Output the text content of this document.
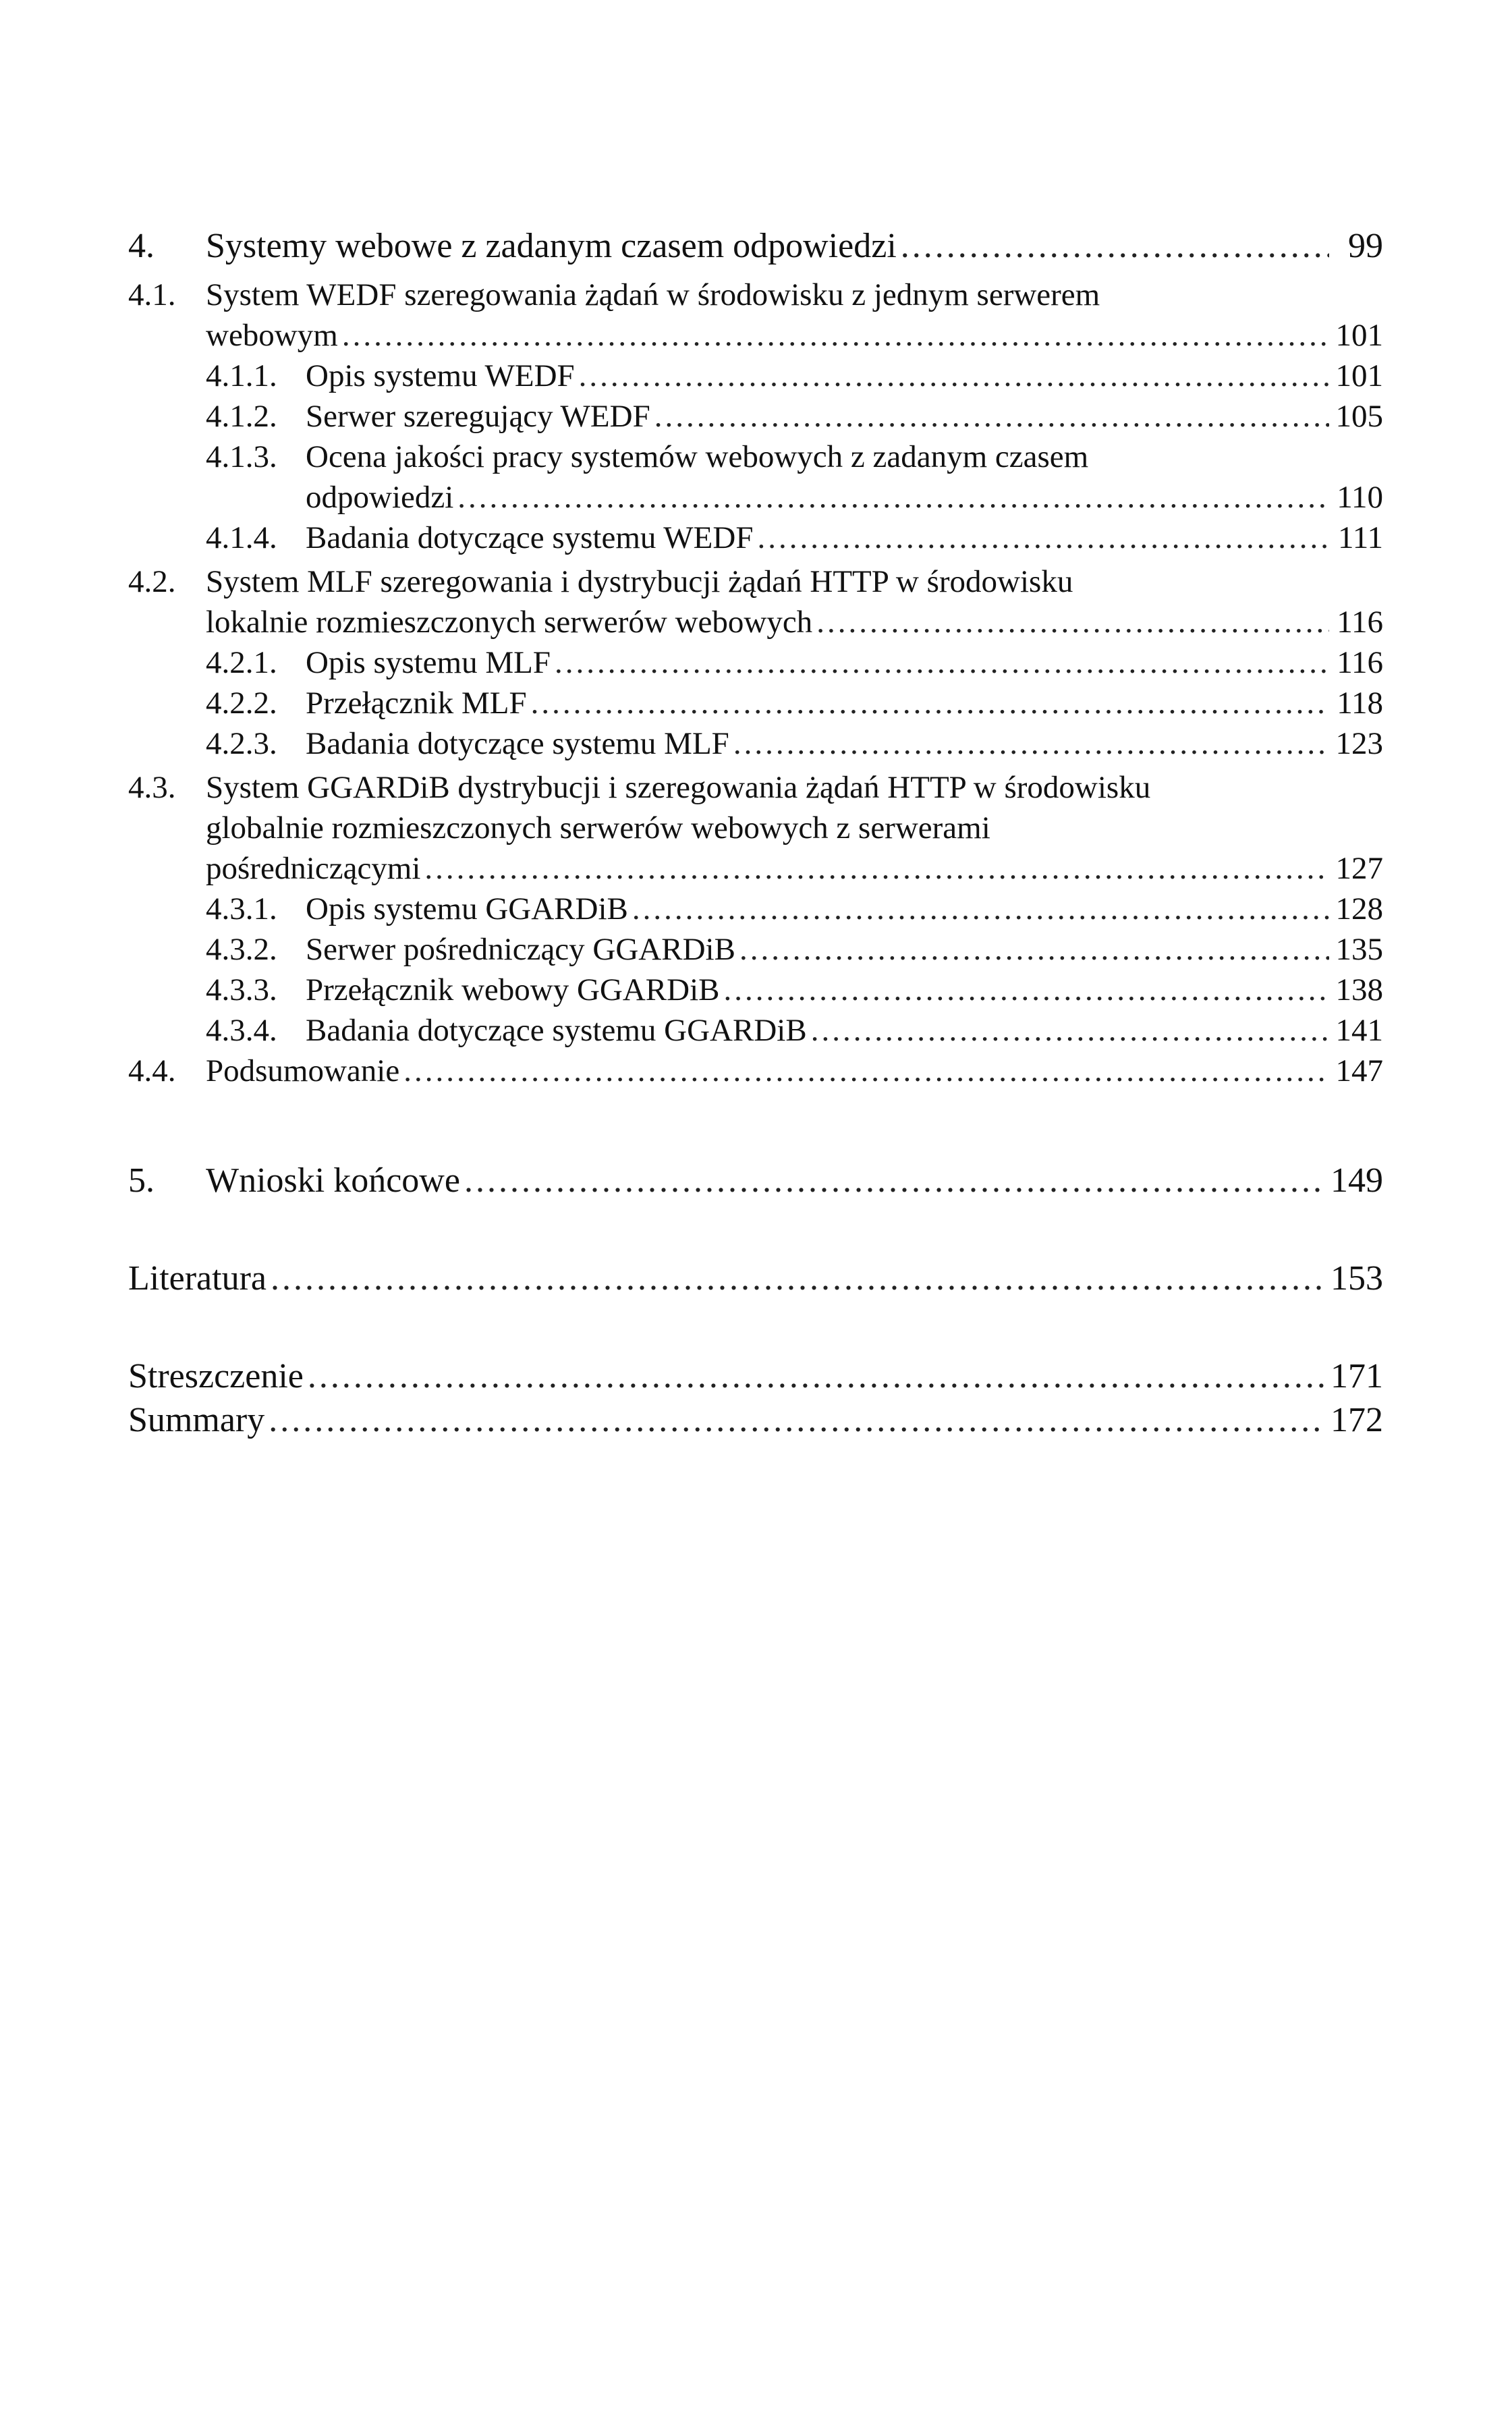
4.	Systemy webowe z zadanym czasem odpowiedzi .....	99
4.1. System WEDF szeregowania żądań w środowisku z jednym serwerem
webowym .....	101
4.1.1. Opis systemu WEDF .....	101
4.1.2. Serwer szeregujący WEDF .....	105
4.1.3. Ocena jakości pracy systemów webowych z zadanym czasem
odpowiedzi .....	110
4.1.4. Badania dotyczące systemu WEDF .....	111
4.2. System MLF szeregowania i dystrybucji żądań HTTP w środowisku
lokalnie rozmieszczonych serwerów webowych .....	116
4.2.1. Opis systemu MLF .....	116
4.2.2. Przełącznik MLF .....	118
4.2.3. Badania dotyczące systemu MLF .....	123
4.3. System GGARDiB dystrybucji i szeregowania żądań HTTP w środowisku
globalnie rozmieszczonych serwerów webowych z serwerami
pośredniczącymi .....	127
4.3.1. Opis systemu GGARDiB .....	128
4.3.2. Serwer pośredniczący GGARDiB .....	135
4.3.3. Przełącznik webowy GGARDiB .....	138
4.3.4. Badania dotyczące systemu GGARDiB .....	141
4.4. Podsumowanie .....	147
5.	Wnioski końcowe .....	149
Literatura .....	153
Streszczenie .....	171
Summary .....	172
